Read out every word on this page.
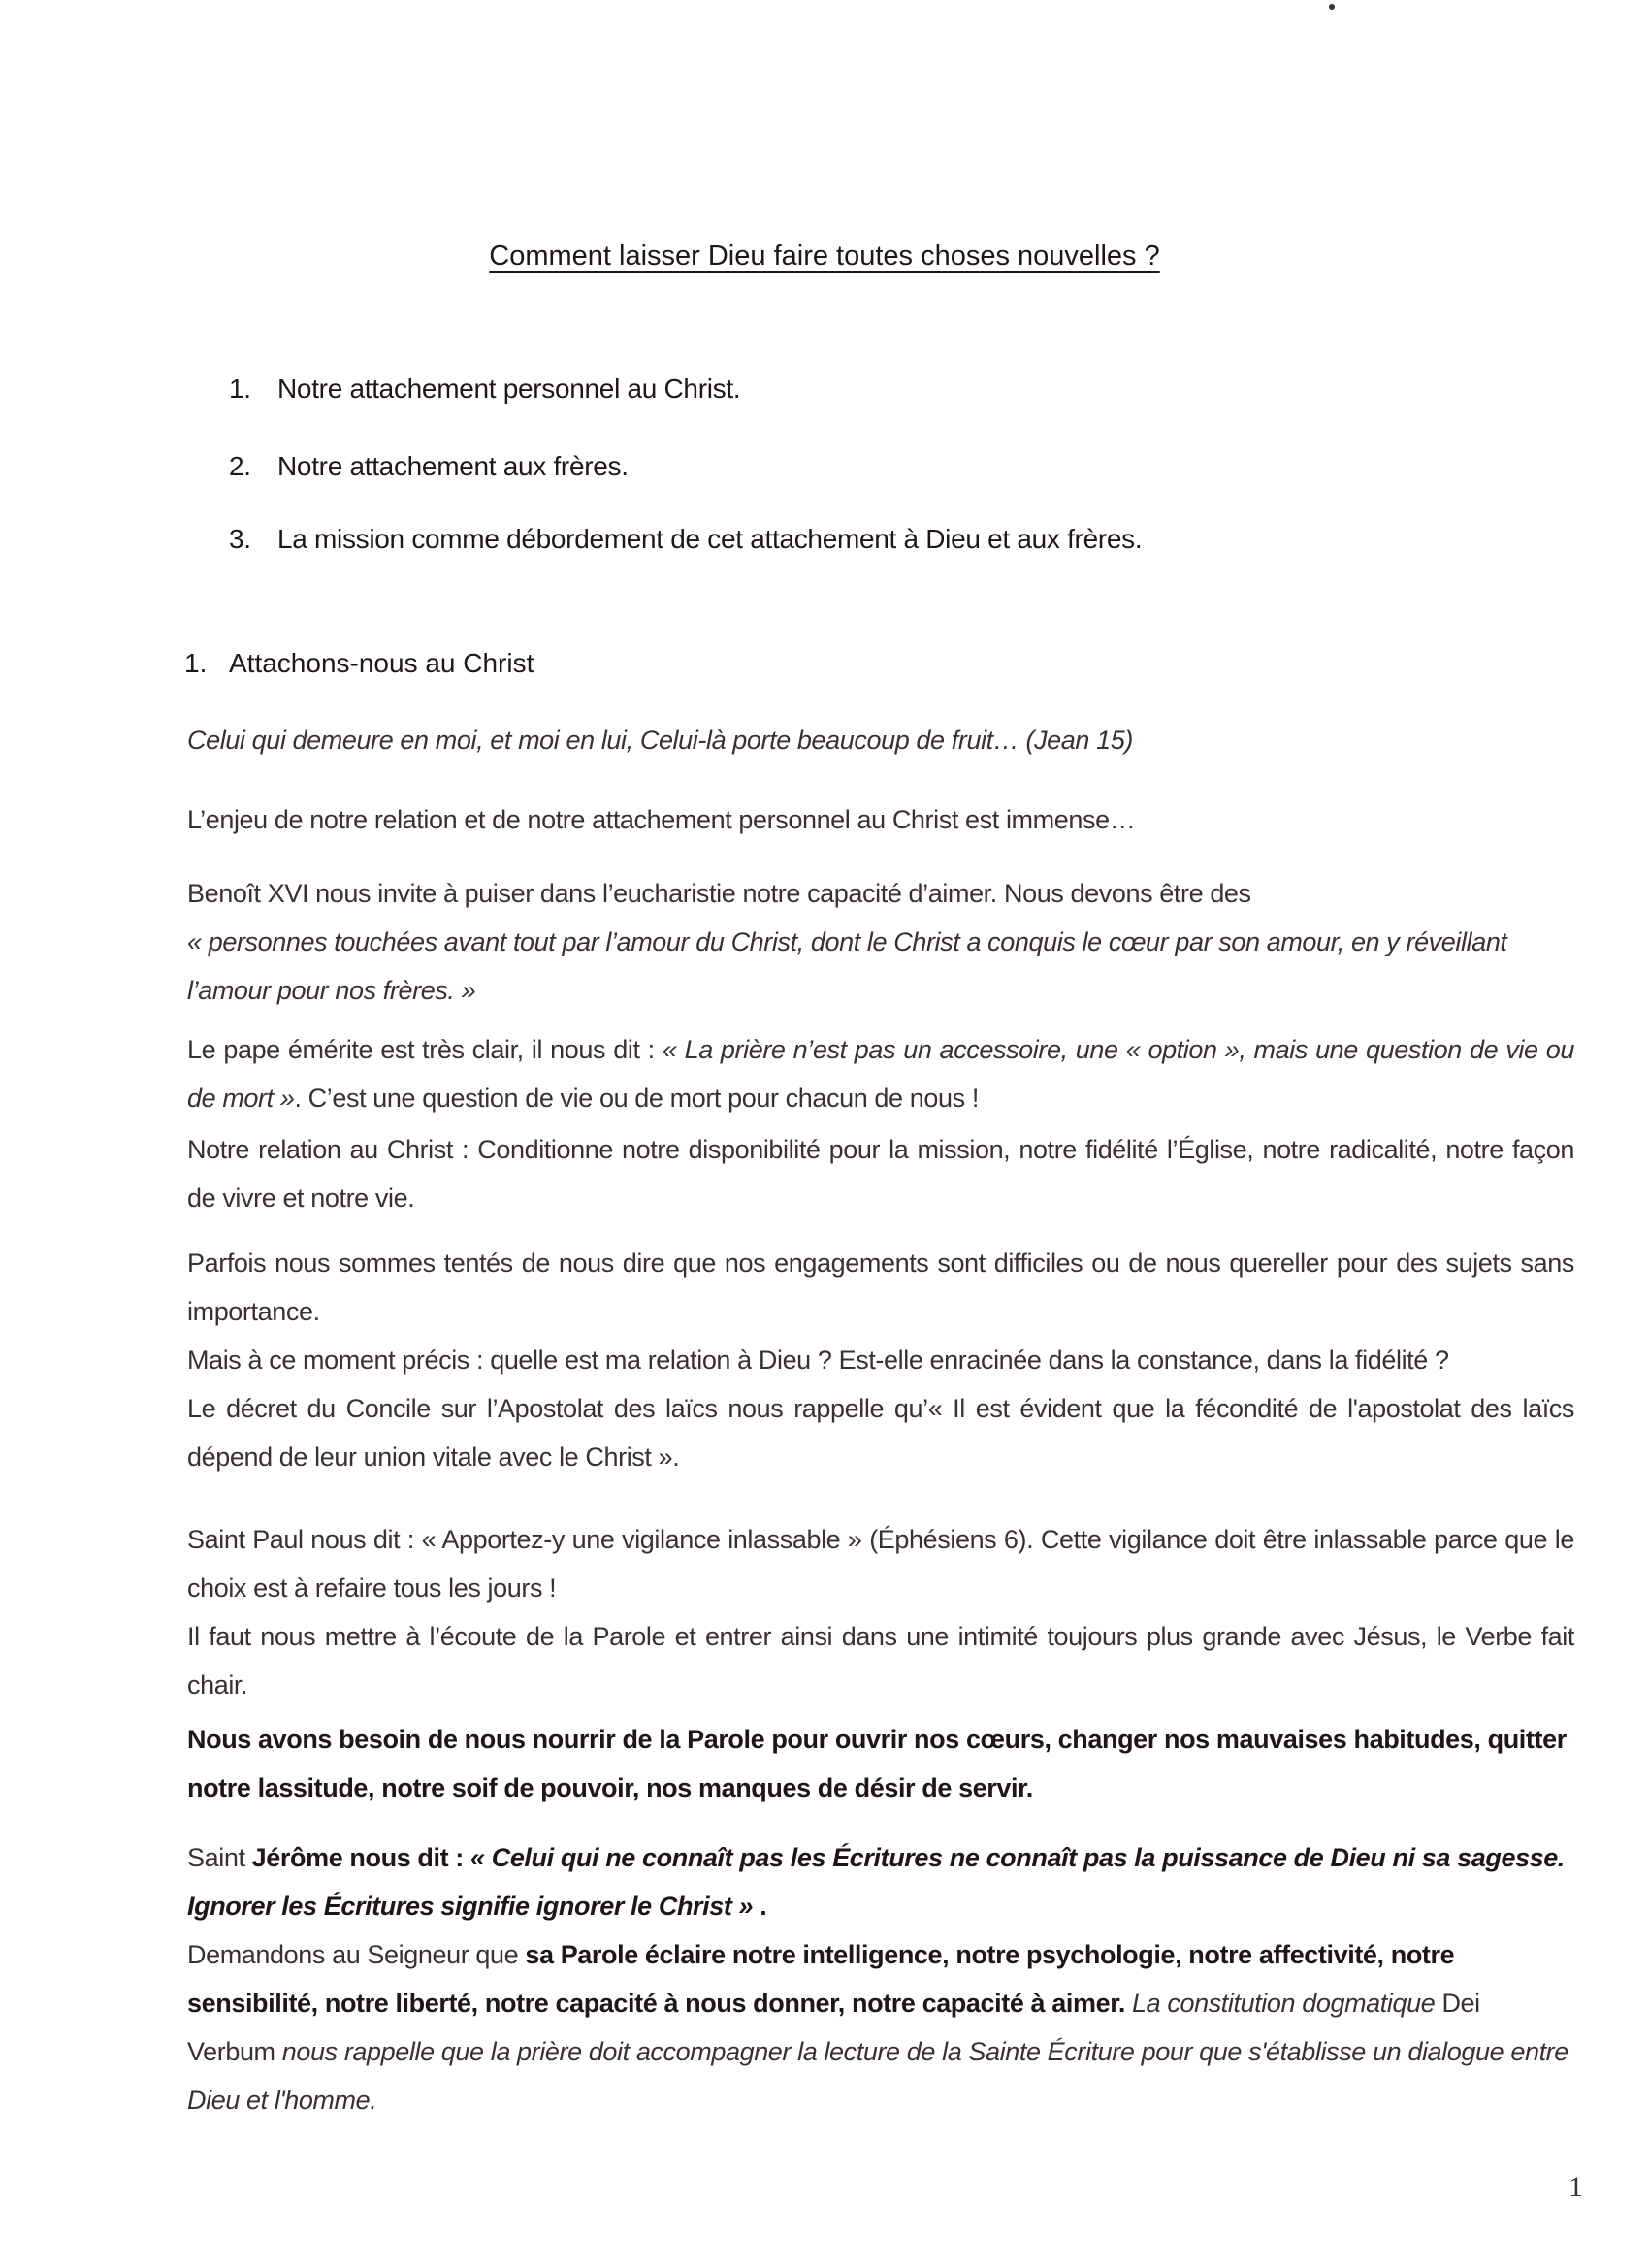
Comment laisser Dieu faire toutes choses nouvelles ?
1. Notre attachement personnel au Christ.
2. Notre attachement aux frères.
3. La mission comme débordement de cet attachement à Dieu et aux frères.
1. Attachons-nous au Christ
Celui qui demeure en moi, et moi en lui, Celui-là porte beaucoup de fruit… (Jean 15)
L’enjeu de notre relation et de notre attachement personnel au Christ est immense…
Benoît XVI nous invite à puiser dans l’eucharistie notre capacité d’aimer. Nous devons être des
« personnes touchées avant tout par l’amour du Christ, dont le Christ a conquis le cœur par son amour, en y réveillant l’amour pour nos frères. »
Le pape émérite est très clair, il nous dit : « La prière n’est pas un accessoire, une « option », mais une question de vie ou de mort ». C’est une question de vie ou de mort pour chacun de nous !
Notre relation au Christ : Conditionne notre disponibilité pour la mission, notre fidélité l’Église, notre radicalité, notre façon de vivre et notre vie.
Parfois nous sommes tentés de nous dire que nos engagements sont difficiles ou de nous quereller pour des sujets sans importance.
Mais à ce moment précis : quelle est ma relation à Dieu ? Est-elle enracinée dans la constance, dans la fidélité ?
Le décret du Concile sur l’Apostolat des laïcs nous rappelle qu’« Il est évident que la fécondité de l'apostolat des laïcs dépend de leur union vitale avec le Christ ».
Saint Paul nous dit : « Apportez-y une vigilance inlassable » (Éphésiens 6). Cette vigilance doit être inlassable parce que le choix est à refaire tous les jours !
Il faut nous mettre à l’écoute de la Parole et entrer ainsi dans une intimité toujours plus grande avec Jésus, le Verbe fait chair.
Nous avons besoin de nous nourrir de la Parole pour ouvrir nos cœurs, changer nos mauvaises habitudes, quitter notre lassitude, notre soif de pouvoir, nos manques de désir de servir.
Saint Jérôme nous dit : « Celui qui ne connaît pas les Écritures ne connaît pas la puissance de Dieu ni sa sagesse. Ignorer les Écritures signifie ignorer le Christ » .
Demandons au Seigneur que sa Parole éclaire notre intelligence, notre psychologie, notre affectivité, notre sensibilité, notre liberté, notre capacité à nous donner, notre capacité à aimer. La constitution dogmatique Dei Verbum nous rappelle que la prière doit accompagner la lecture de la Sainte Écriture pour que s'établisse un dialogue entre Dieu et l'homme.
1
